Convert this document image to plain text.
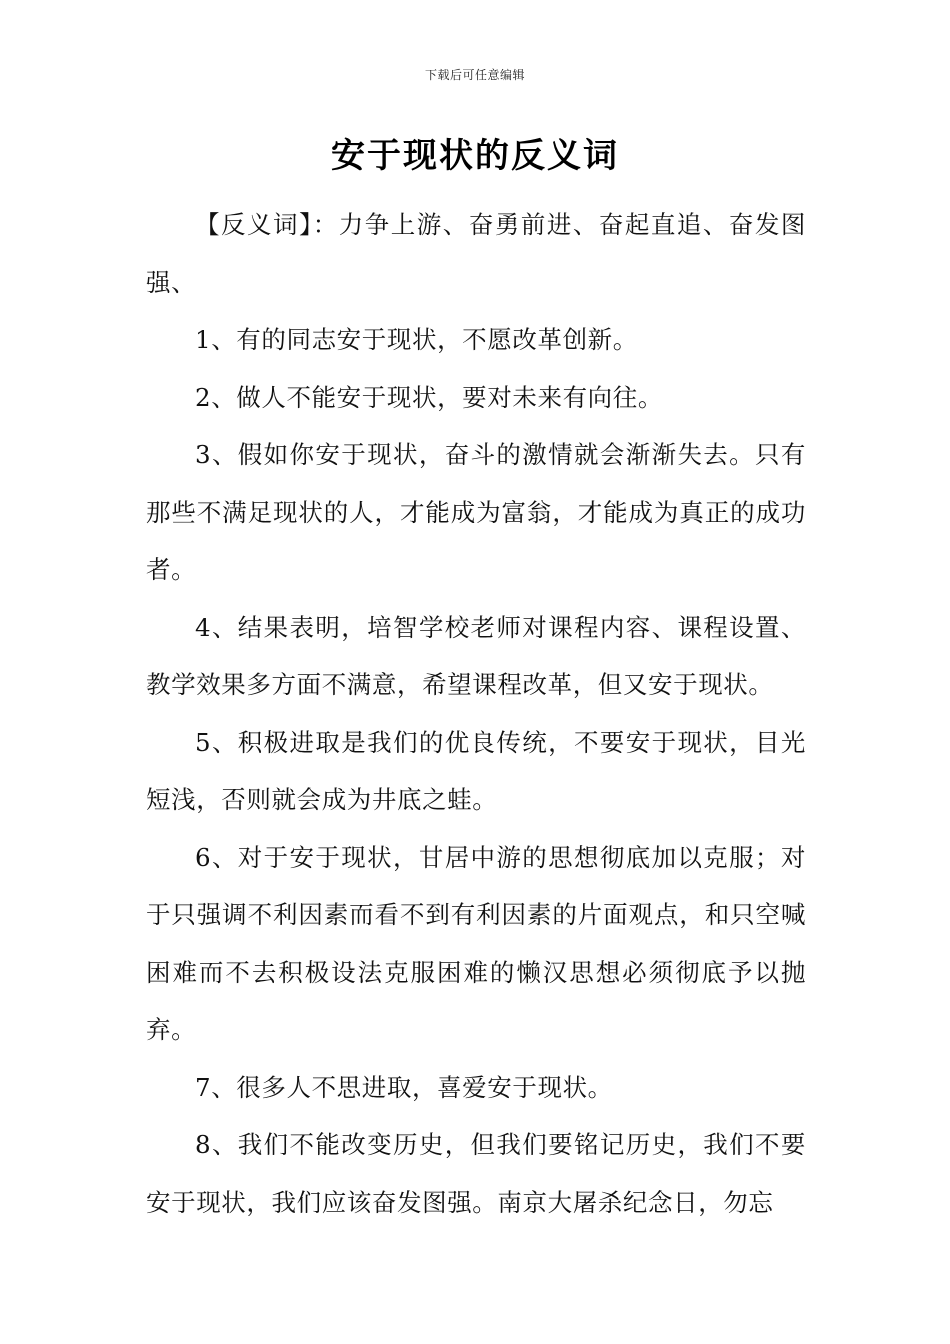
下载后可任意编辑
安于现状的反义词

【反义词】：力争上游、奋勇前进、奋起直追、奋发图强、

1、有的同志安于现状，不愿改革创新。

2、做人不能安于现状，要对未来有向往。

3、假如你安于现状，奋斗的激情就会渐渐失去。只有那些不满足现状的人，才能成为富翁，才能成为真正的成功者。

4、结果表明，培智学校老师对课程内容、课程设置、教学效果多方面不满意，希望课程改革，但又安于现状。

5、积极进取是我们的优良传统，不要安于现状，目光短浅，否则就会成为井底之蛙。

6、对于安于现状，甘居中游的思想彻底加以克服；对于只强调不利因素而看不到有利因素的片面观点，和只空喊困难而不去积极设法克服困难的懒汉思想必须彻底予以抛弃。

7、很多人不思进取，喜爱安于现状。

8、我们不能改变历史，但我们要铭记历史，我们不要安于现状，我们应该奋发图强。南京大屠杀纪念日，勿忘
